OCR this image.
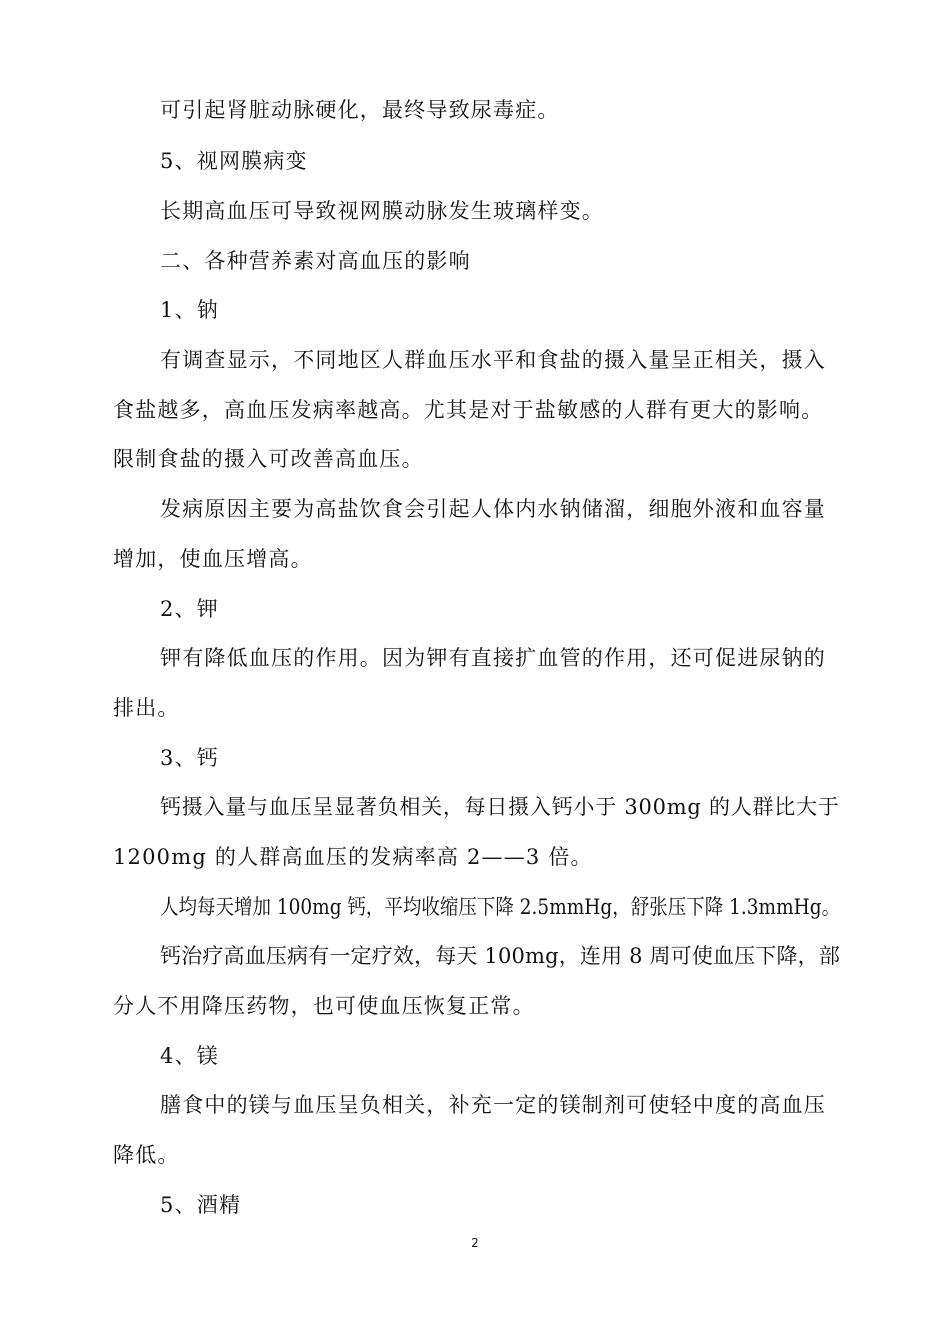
可引起肾脏动脉硬化，最终导致尿毒症。
5、视网膜病变
长期高血压可导致视网膜动脉发生玻璃样变。
二、各种营养素对高血压的影响
1、钠
有调查显示，不同地区人群血压水平和食盐的摄入量呈正相关，摄入
食盐越多，高血压发病率越高。尤其是对于盐敏感的人群有更大的影响。
限制食盐的摄入可改善高血压。
发病原因主要为高盐饮食会引起人体内水钠储溜，细胞外液和血容量
增加，使血压增高。
2、钾
钾有降低血压的作用。因为钾有直接扩血管的作用，还可促进尿钠的
排出。
3、钙
钙摄入量与血压呈显著负相关，每日摄入钙小于 300mg 的人群比大于
1200mg 的人群高血压的发病率高 2——3 倍。
人均每天增加 100mg 钙，平均收缩压下降 2.5mmHg，舒张压下降 1.3mmHg。
钙治疗高血压病有一定疗效，每天 100mg，连用 8 周可使血压下降，部
分人不用降压药物，也可使血压恢复正常。
4、镁
膳食中的镁与血压呈负相关，补充一定的镁制剂可使轻中度的高血压
降低。
5、酒精
2
